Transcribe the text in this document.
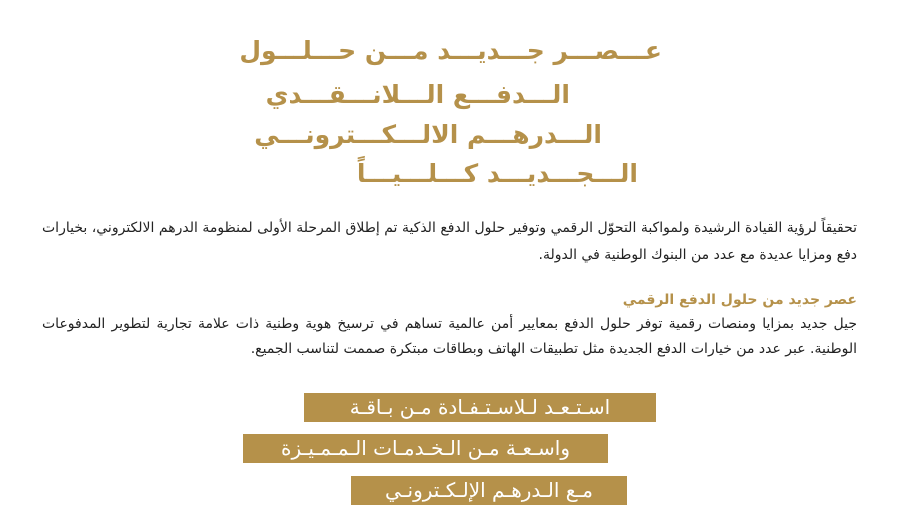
عـــصـــر جـــديـــد مـــن حـــلـــول
الـــدفـــع الـــلانـــقـــدي
الـــدرهـــم الالـــكـــترونـــي
الـــجـــديـــد كـــلـــيـــاً

تحقيقاً لرؤية القيادة الرشيدة ولمواكبة التحوّل الرقمي وتوفير حلول الدفع الذكية تم إطلاق المرحلة الأولى لمنظومة الدرهم الالكتروني، بخيارات دفع ومزايا عديدة مع عدد من البنوك الوطنية في الدولة.

عصر جديد من حلول الدفع الرقمي

جيل جديد بمزايا ومنصات رقمية توفر حلول الدفع بمعايير أمن عالمية تساهم في ترسيخ هوية وطنية ذات علامة تجارية لتطوير المدفوعات الوطنية. عبر عدد من خيارات الدفع الجديدة مثل تطبيقات الهاتف وبطاقات مبتكرة صممت لتناسب الجميع.

اسـتـعـد لـلاسـتـفـادة مـن بـاقـة
واسـعـة مـن الـخـدمـات الـمـمـيـزة
مـع الـدرهـم الإلـكـترونـي
